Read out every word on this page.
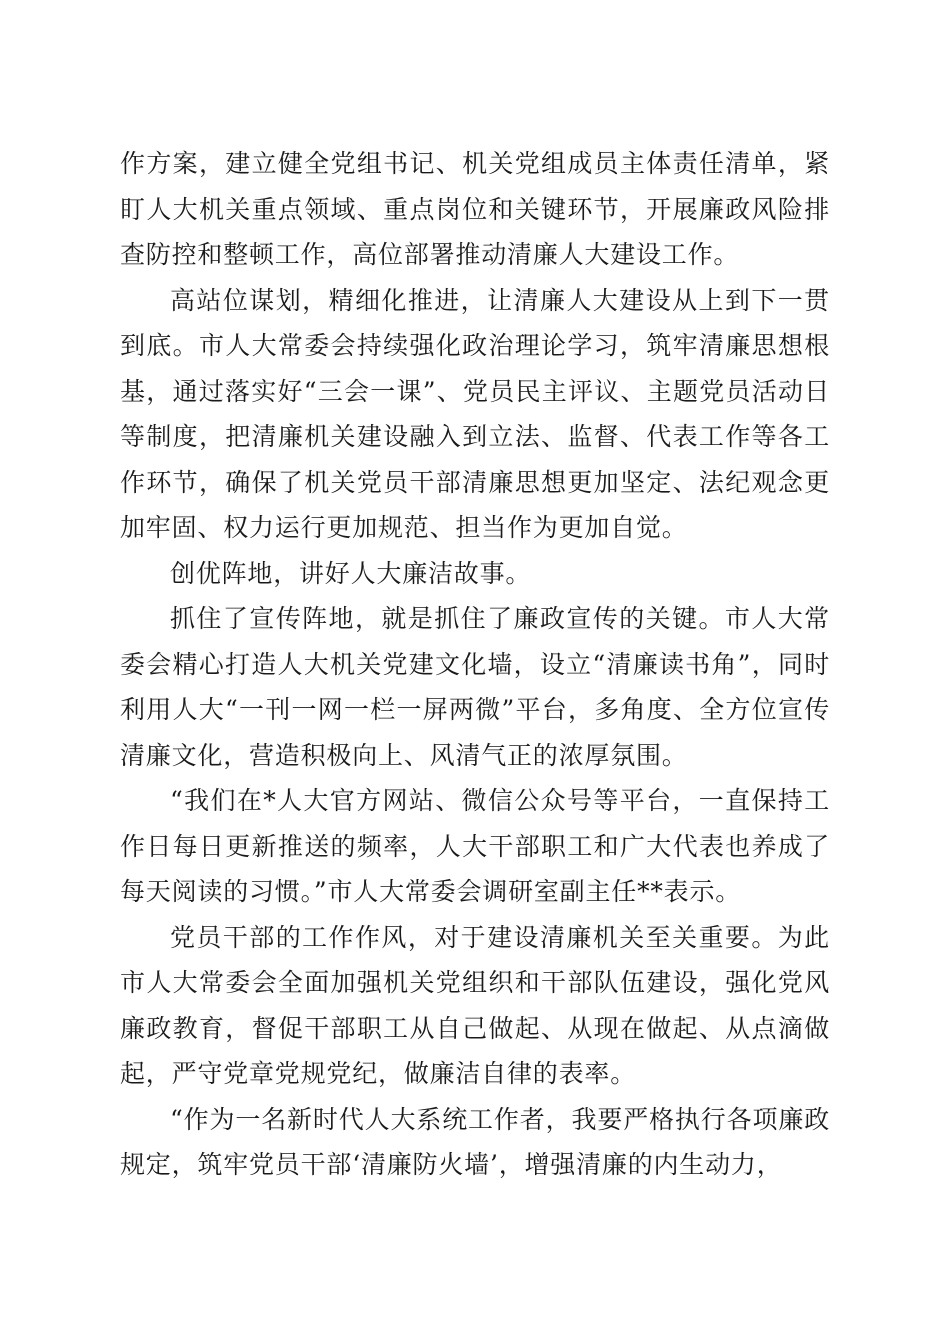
作方案，建立健全党组书记、机关党组成员主体责任清单，紧盯人大机关重点领域、重点岗位和关键环节，开展廉政风险排查防控和整顿工作，高位部署推动清廉人大建设工作。

高站位谋划，精细化推进，让清廉人大建设从上到下一贯到底。市人大常委会持续强化政治理论学习，筑牢清廉思想根基，通过落实好“三会一课”、党员民主评议、主题党员活动日等制度，把清廉机关建设融入到立法、监督、代表工作等各工作环节，确保了机关党员干部清廉思想更加坚定、法纪观念更加牢固、权力运行更加规范、担当作为更加自觉。

创优阵地，讲好人大廉洁故事。

抓住了宣传阵地，就是抓住了廉政宣传的关键。市人大常委会精心打造人大机关党建文化墙，设立“清廉读书角”，同时利用人大“一刊一网一栏一屏两微”平台，多角度、全方位宣传清廉文化，营造积极向上、风清气正的浓厚氛围。

“我们在*人大官方网站、微信公众号等平台，一直保持工作日每日更新推送的频率，人大干部职工和广大代表也养成了每天阅读的习惯。”市人大常委会调研室副主任**表示。

党员干部的工作作风，对于建设清廉机关至关重要。为此市人大常委会全面加强机关党组织和干部队伍建设，强化党风廉政教育，督促干部职工从自己做起、从现在做起、从点滴做起，严守党章党规党纪，做廉洁自律的表率。

“作为一名新时代人大系统工作者，我要严格执行各项廉政规定，筑牢党员干部‘清廉防火墙’，增强清廉的内生动力，
